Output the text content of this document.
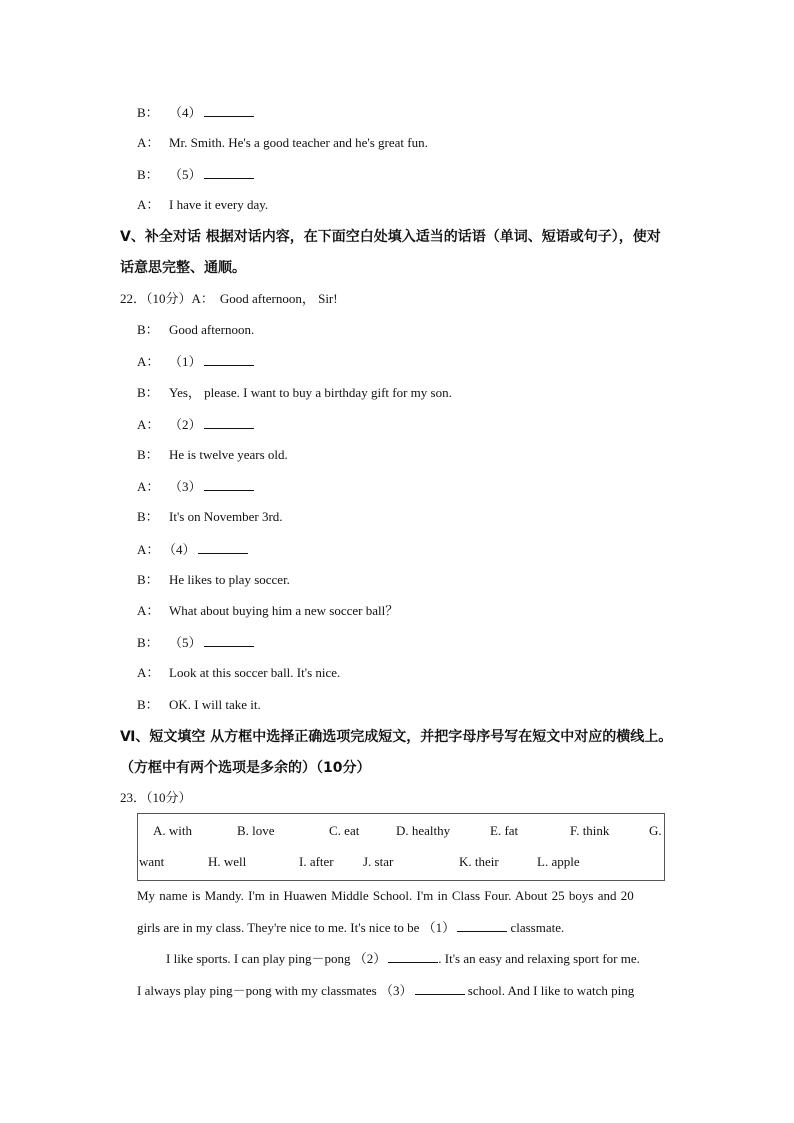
B： （4）
A： Mr. Smith. He's a good teacher and he's great fun.
B： （5）
A： I have it every day.
Ⅴ、补全对话 根据对话内容，在下面空白处填入适当的话语（单词、短语或句子），使对
话意思完整、通顺。
22．（10分）A： Good afternoon， Sir!
B： Good afternoon.
A： （1）
B： Yes， please. I want to buy a birthday gift for my son.
A： （2）
B： He is twelve years old.
A： （3）
B： It's on November 3rd.
A： （4）
B： He likes to play soccer.
A： What about buying him a new soccer ball？
B： （5）
A： Look at this soccer ball. It's nice.
B： OK. I will take it.
Ⅵ、短文填空 从方框中选择正确选项完成短文，并把字母序号写在短文中对应的横线上。
（方框中有两个选项是多余的）（10分）
23．（10分）
A. with	B. love	C. eat	D. healthy	E. fat	F. think	G.
want	H. well	I. after J. star	K. their	L. apple
My name is Mandy. I'm in Huawen Middle School. I'm in Class Four. About 25 boys and 20
girls are in my class. They're nice to me. It's nice to be （1）	classmate.
I like sports. I can play ping－pong （2）	. It's an easy and relaxing sport for me.
I always play ping－pong with my classmates （3）	school. And I like to watch ping
